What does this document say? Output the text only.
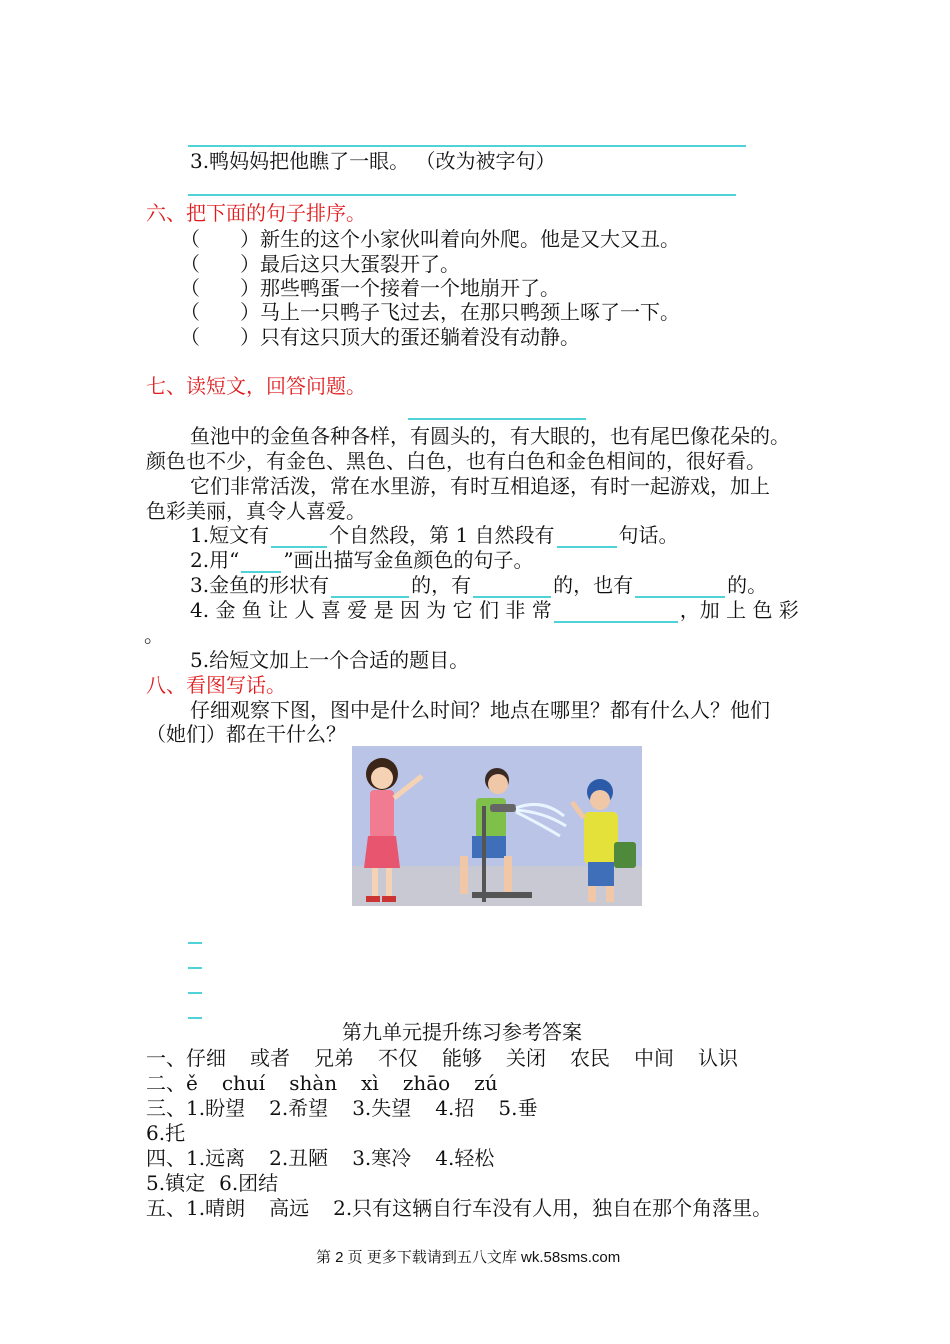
3.鸭妈妈把他瞧了一眼。 （改为被字句）
六、把下面的句子排序。
（　　）新生的这个小家伙叫着向外爬。他是又大又丑。
（　　）最后这只大蛋裂开了。
（　　）那些鸭蛋一个接着一个地崩开了。
（　　）马上一只鸭子飞过去，在那只鸭颈上啄了一下。
（　　）只有这只顶大的蛋还躺着没有动静。
七、读短文，回答问题。
鱼池中的金鱼各种各样，有圆头的，有大眼的，也有尾巴像花朵的。
颜色也不少，有金色、黑色、白色，也有白色和金色相间的，很好看。
它们非常活泼，常在水里游，有时互相追逐，有时一起游戏，加上
色彩美丽，真令人喜爱。
1.短文有	个自然段，第 1 自然段有	句话。
2.用“ ”画出描写金鱼颜色的句子。
3.金鱼的形状有	的，有	的，也有	的。
4. 金 鱼 让 人 喜 爱 是 因 为 它 们 非 常	，加 上 色 彩
。
5.给短文加上一个合适的题目。
八、看图写话。
仔细观察下图，图中是什么时间？地点在哪里？都有什么人？他们
（她们）都在干什么？
第九单元提升练习参考答案
一、仔细 或者 兄弟 不仅 能够 关闭 农民 中间 认识
二、ě chuí shàn xì zhāo zú
三、1.盼望 2.希望 3.失望 4.招 5.垂
6.托
四、1.远离 2.丑陋 3.寒冷 4.轻松
5.镇定 6.团结
五、1.晴朗 高远 2.只有这辆自行车没有人用，独自在那个角落里。
第 2 页 更多下载请到五八文库 wk.58sms.com
